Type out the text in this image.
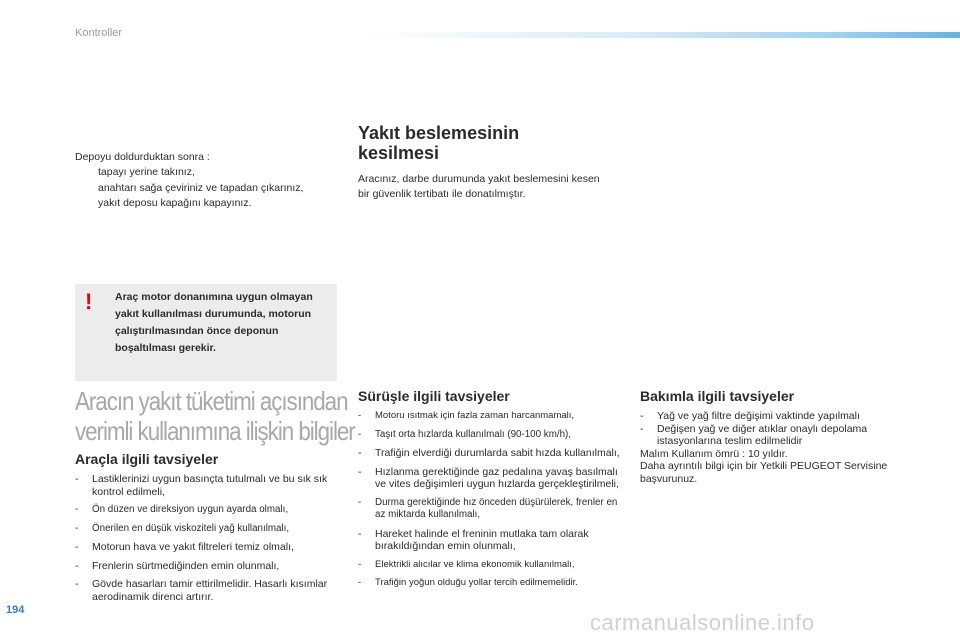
Kontroller

Depoyu doldurduktan sonra :

tapayı yerine takınız,
anahtarı sağa çeviriniz ve tapadan çıkarınız,
yakıt deposu kapağını kapayınız.
! Araç motor donanımına uygun olmayan yakıt kullanılması durumunda, motorun çalıştırılmasından önce deponun boşaltılması gerekir.
Yakıt beslemesinin
kesilmesi

Aracınız, darbe durumunda yakıt beslemesini kesen bir güvenlik tertibatı ile donatılmıştır.

Aracın yakıt tüketimi açısından
verimli kullanımına ilişkin bilgiler
Araçla ilgili tavsiyeler
- Lastiklerinizi uygun basınçta tutulmalı ve bu sık sık kontrol edilmeli,
- Ön düzen ve direksiyon uygun ayarda olmalı,
- Önerilen en düşük viskoziteli yağ kullanılmalı,
- Motorun hava ve yakıt filtreleri temiz olmalı,
- Frenlerin sürtmediğinden emin olunmalı,
- Gövde hasarları tamir ettirilmelidir. Hasarlı kısımlar aerodinamik direnci artırır.
Sürüşle ilgili tavsiyeler
- Motoru ısıtmak için fazla zaman harcanmamalı,
- Taşıt orta hızlarda kullanılmalı (90-100 km/h),
- Trafiğin elverdiği durumlarda sabit hızda kullanılmalı,
- Hızlanma gerektiğinde gaz pedalına yavaş basılmalı ve vites değişimleri uygun hızlarda gerçekleştirilmeli,
- Durma gerektiğinde hız önceden düşürülerek, frenler en az miktarda kullanılmalı,
- Hareket halinde el freninin mutlaka tam olarak bırakıldığından emin olunmalı,
- Elektrikli alıcılar ve klima ekonomik kullanılmalı,
- Trafiğin yoğun olduğu yollar tercih edilmemelidir.
Bakımla ilgili tavsiyeler
- Yağ ve yağ filtre değişimi vaktinde yapılmalı
- Değişen yağ ve diğer atıklar onaylı depolama istasyonlarına teslim edilmelidir

Malım Kullanım ömrü : 10 yıldır.

Daha ayrıntılı bilgi için bir Yetkili PEUGEOT Servisine başvurunuz.

194	carmanualsonline.info
